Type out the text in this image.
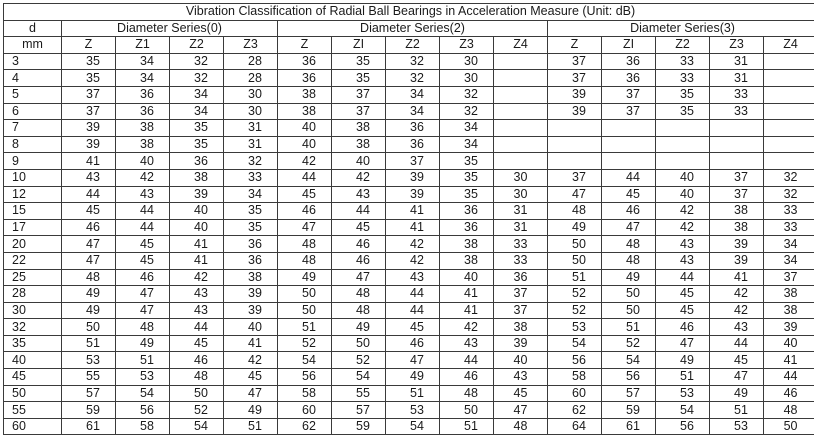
Vibration Classification of Radial Ball Bearings in Acceleration Measure (Unit: dB)														
d	Diameter Series(0)				Diameter Series(2)					Diameter Series(3)				
mm	Z	Z1	Z2	Z3	Z	ZI	Z2	Z3	Z4	Z	ZI	Z2	Z3	Z4
3	35	34	32	28	36	35	32	30		37	36	33	31	
4	35	34	32	28	36	35	32	30		37	36	33	31	
5	37	36	34	30	38	37	34	32		39	37	35	33	
6	37	36	34	30	38	37	34	32		39	37	35	33	
7	39	38	35	31	40	38	36	34						
8	39	38	35	31	40	38	36	34						
9	41	40	36	32	42	40	37	35						
10	43	42	38	33	44	42	39	35	30	37	44	40	37	32
12	44	43	39	34	45	43	39	35	30	47	45	40	37	32
15	45	44	40	35	46	44	41	36	31	48	46	42	38	33
17	46	44	40	35	47	45	41	36	31	49	47	42	38	33
20	47	45	41	36	48	46	42	38	33	50	48	43	39	34
22	47	45	41	36	48	46	42	38	33	50	48	43	39	34
25	48	46	42	38	49	47	43	40	36	51	49	44	41	37
28	49	47	43	39	50	48	44	41	37	52	50	45	42	38
30	49	47	43	39	50	48	44	41	37	52	50	45	42	38
32	50	48	44	40	51	49	45	42	38	53	51	46	43	39
35	51	49	45	41	52	50	46	43	39	54	52	47	44	40
40	53	51	46	42	54	52	47	44	40	56	54	49	45	41
45	55	53	48	45	56	54	49	46	43	58	56	51	47	44
50	57	54	50	47	58	55	51	48	45	60	57	53	49	46
55	59	56	52	49	60	57	53	50	47	62	59	54	51	48
60	61	58	54	51	62	59	54	51	48	64	61	56	53	50
